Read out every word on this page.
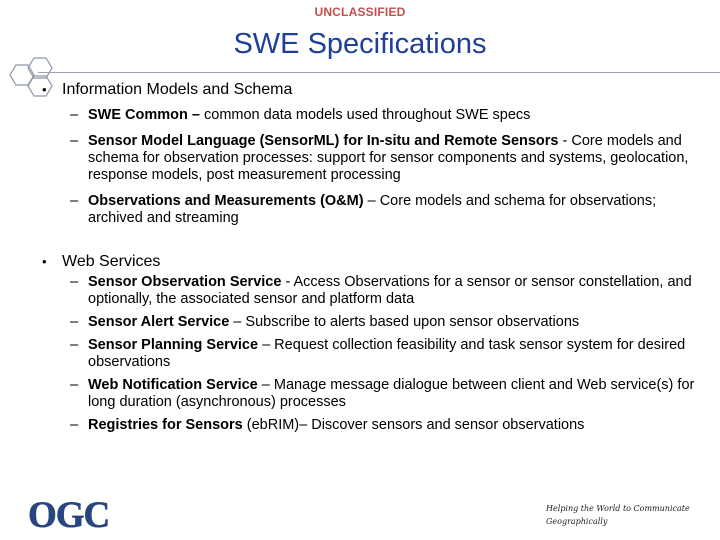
UNCLASSIFIED
SWE Specifications
• Information Models and Schema
– SWE Common – common data models used throughout SWE specs
– Sensor Model Language (SensorML) for In-situ and Remote Sensors - Core models and schema for observation processes: support for sensor components and systems, geolocation, response models, post measurement processing
– Observations and Measurements (O&M) – Core models and schema for observations; archived and streaming
• Web Services
– Sensor Observation Service - Access Observations for a sensor or sensor constellation, and optionally, the associated sensor and platform data
– Sensor Alert Service – Subscribe to alerts based upon sensor observations
– Sensor Planning Service – Request collection feasibility and task sensor system for desired observations
– Web Notification Service – Manage message dialogue between client and Web service(s) for long duration (asynchronous) processes
– Registries for Sensors (ebRIM)– Discover sensors and sensor observations
OGC	Helping the World to Communicate
Geographically
